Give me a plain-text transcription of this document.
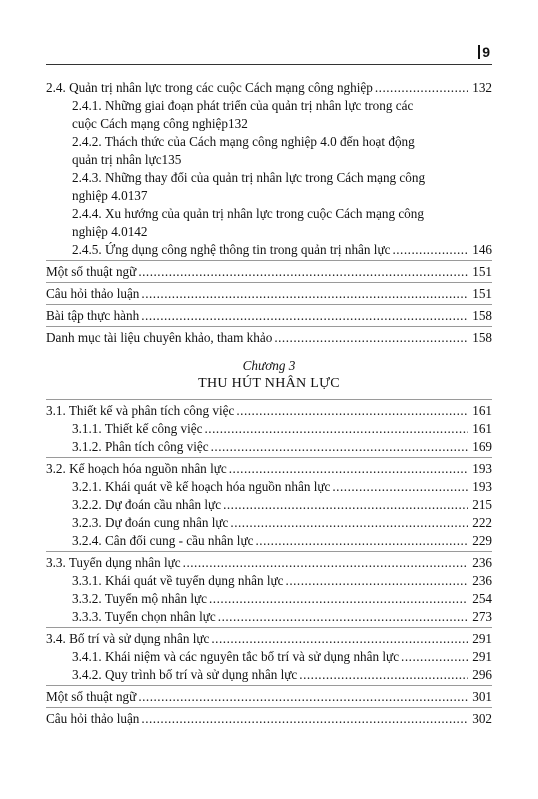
9
2.4. Quản trị nhân lực trong các cuộc Cách mạng công nghiệp .....	132
2.4.1. Những giai đoạn phát triển của quản trị nhân lực trong các
cuộc Cách mạng công nghiệp 132
2.4.2. Thách thức của Cách mạng công nghiệp 4.0 đến hoạt động
quản trị nhân lực 135
2.4.3. Những thay đổi của quản trị nhân lực trong Cách mạng công
nghiệp 4.0 137
2.4.4. Xu hướng của quản trị nhân lực trong cuộc Cách mạng công
nghiệp 4.0 142
2.4.5. Ứng dụng công nghệ thông tin trong quản trị nhân lực .....	146
Một số thuật ngữ .....	151
Câu hỏi thảo luận .....	151
Bài tập thực hành .....	158
Danh mục tài liệu chuyên khảo, tham khảo .....	158
Chương 3
THU HÚT NHÂN LỰC
3.1. Thiết kế và phân tích công việc .....	161
3.1.1. Thiết kế công việc .....	161
3.1.2. Phân tích công việc .....	169
3.2. Kế hoạch hóa nguồn nhân lực .....	193
3.2.1. Khái quát về kế hoạch hóa nguồn nhân lực .....	193
3.2.2. Dự đoán cầu nhân lực .....	215
3.2.3. Dự đoán cung nhân lực .....	222
3.2.4. Cân đối cung - cầu nhân lực .....	229
3.3. Tuyển dụng nhân lực .....	236
3.3.1. Khái quát về tuyển dụng nhân lực .....	236
3.3.2. Tuyển mộ nhân lực .....	254
3.3.3. Tuyển chọn nhân lực .....	273
3.4. Bố trí và sử dụng nhân lực .....	291
3.4.1. Khái niệm và các nguyên tắc bố trí và sử dụng nhân lực .....	291
3.4.2. Quy trình bố trí và sử dụng nhân lực .....	296
Một số thuật ngữ .....	301
Câu hỏi thảo luận .....	302
